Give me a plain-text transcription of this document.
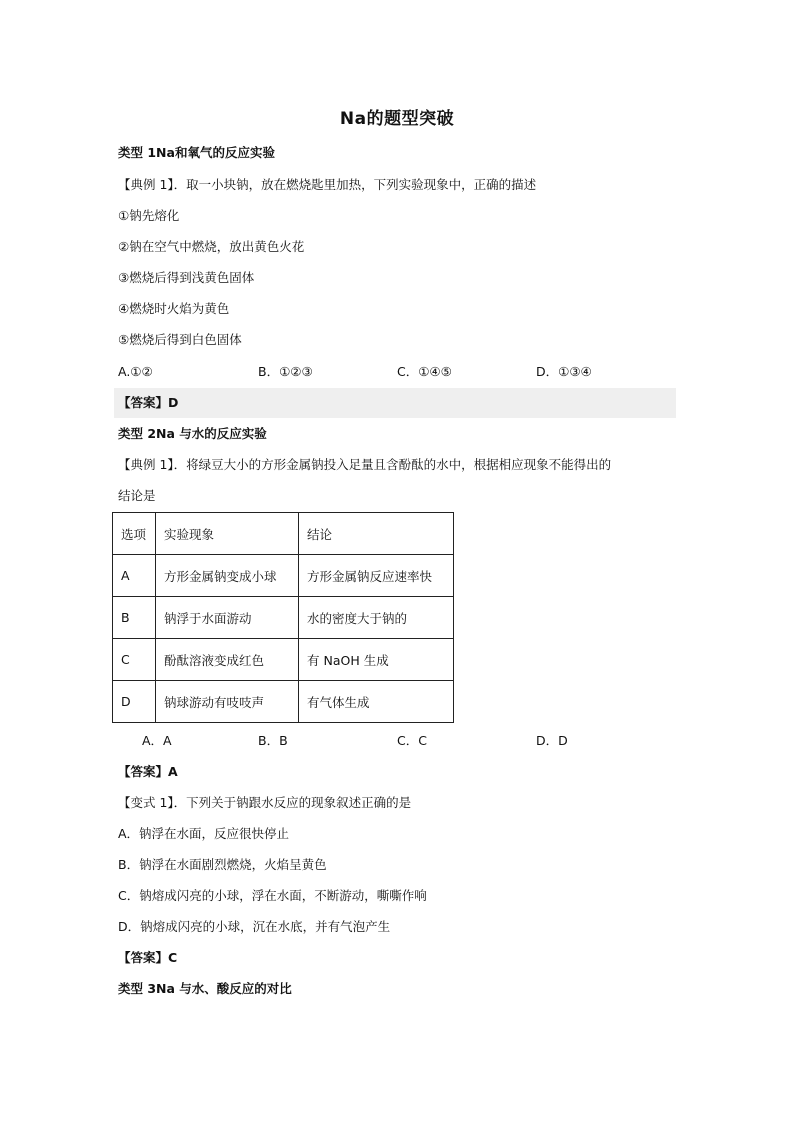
Na的题型突破
类型 1Na和氧气的反应实验
【典例 1】．取一小块钠，放在燃烧匙里加热，下列实验现象中，正确的描述
①钠先熔化
②钠在空气中燃烧，放出黄色火花
③燃烧后得到浅黄色固体
④燃烧时火焰为黄色
⑤燃烧后得到白色固体
A.①②	B．①②③	C．①④⑤	D．①③④
【答案】D
类型 2Na 与水的反应实验
【典例 1】．将绿豆大小的方形金属钠投入足量且含酚酞的水中，根据相应现象不能得出的
结论是
选项	实验现象	结论
A	方形金属钠变成小球	方形金属钠反应速率快
B	钠浮于水面游动	水的密度大于钠的
C	酚酞溶液变成红色	有 NaOH 生成
D	钠球游动有吱吱声	有气体生成
A．A	B．B	C．C	D．D
【答案】A
【变式 1】．下列关于钠跟水反应的现象叙述正确的是
A．钠浮在水面，反应很快停止
B．钠浮在水面剧烈燃烧，火焰呈黄色
C．钠熔成闪亮的小球，浮在水面，不断游动，嘶嘶作响
D．钠熔成闪亮的小球，沉在水底，并有气泡产生
【答案】C
类型 3Na 与水、酸反应的对比
